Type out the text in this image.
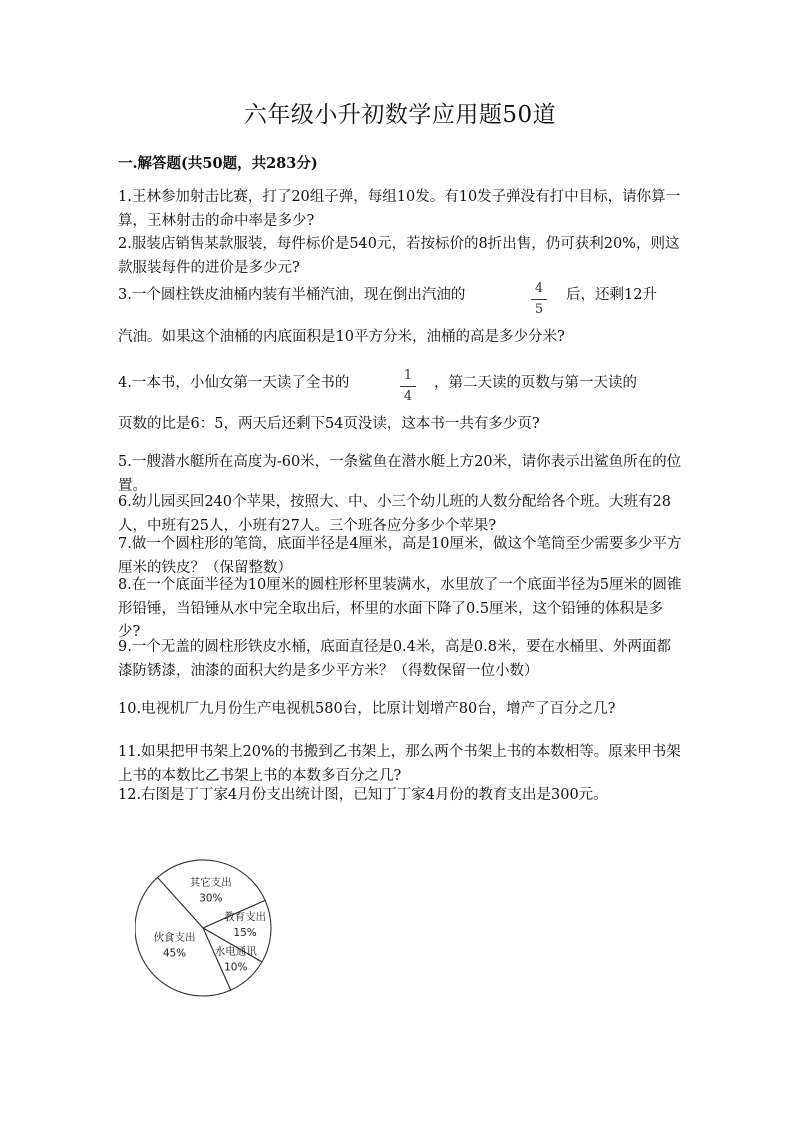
六年级小升初数学应用题50道
一.解答题(共50题，共283分)

1.王林参加射击比赛，打了20组子弹，每组10发。有10发子弹没有打中目标，请你算一算，王林射击的命中率是多少?

2.服装店销售某款服装，每件标价是540元，若按标价的8折出售，仍可获利20%，则这款服装每件的进价是多少元?

3.一个圆柱铁皮油桶内装有半桶汽油，现在倒出汽油的	4
5
后，还剩12升
汽油。如果这个油桶的内底面积是10平方分米，油桶的高是多少分米?
4.一本书，小仙女第一天读了全书的	1
4
，第二天读的页数与第一天读的
页数的比是6：5，两天后还剩下54页没读，这本书一共有多少页?

5.一艘潜水艇所在高度为-60米，一条鲨鱼在潜水艇上方20米，请你表示出鲨鱼所在的位置。

6.幼儿园买回240个苹果，按照大、中、小三个幼儿班的人数分配给各个班。大班有28人，中班有25人，小班有27人。三个班各应分多少个苹果?

7.做一个圆柱形的笔筒，底面半径是4厘米，高是10厘米，做这个笔筒至少需要多少平方厘米的铁皮？（保留整数）

8.在一个底面半径为10厘米的圆柱形杯里装满水，水里放了一个底面半径为5厘米的圆锥形铅锤，当铅锤从水中完全取出后，杯里的水面下降了0.5厘米，这个铅锤的体积是多少?

9.一个无盖的圆柱形铁皮水桶，底面直径是0.4米，高是0.8米，要在水桶里、外两面都漆防锈漆，油漆的面积大约是多少平方米？（得数保留一位小数）

10.电视机厂九月份生产电视机580台，比原计划增产80台，增产了百分之几?

11.如果把甲书架上20%的书搬到乙书架上，那么两个书架上书的本数相等。原来甲书架上书的本数比乙书架上书的本数多百分之几?

12.右图是丁丁家4月份支出统计图，已知丁丁家4月份的教育支出是300元。

其它支出
30%
教育支出
15%
水电通讯
10%
伙食支出
45%
